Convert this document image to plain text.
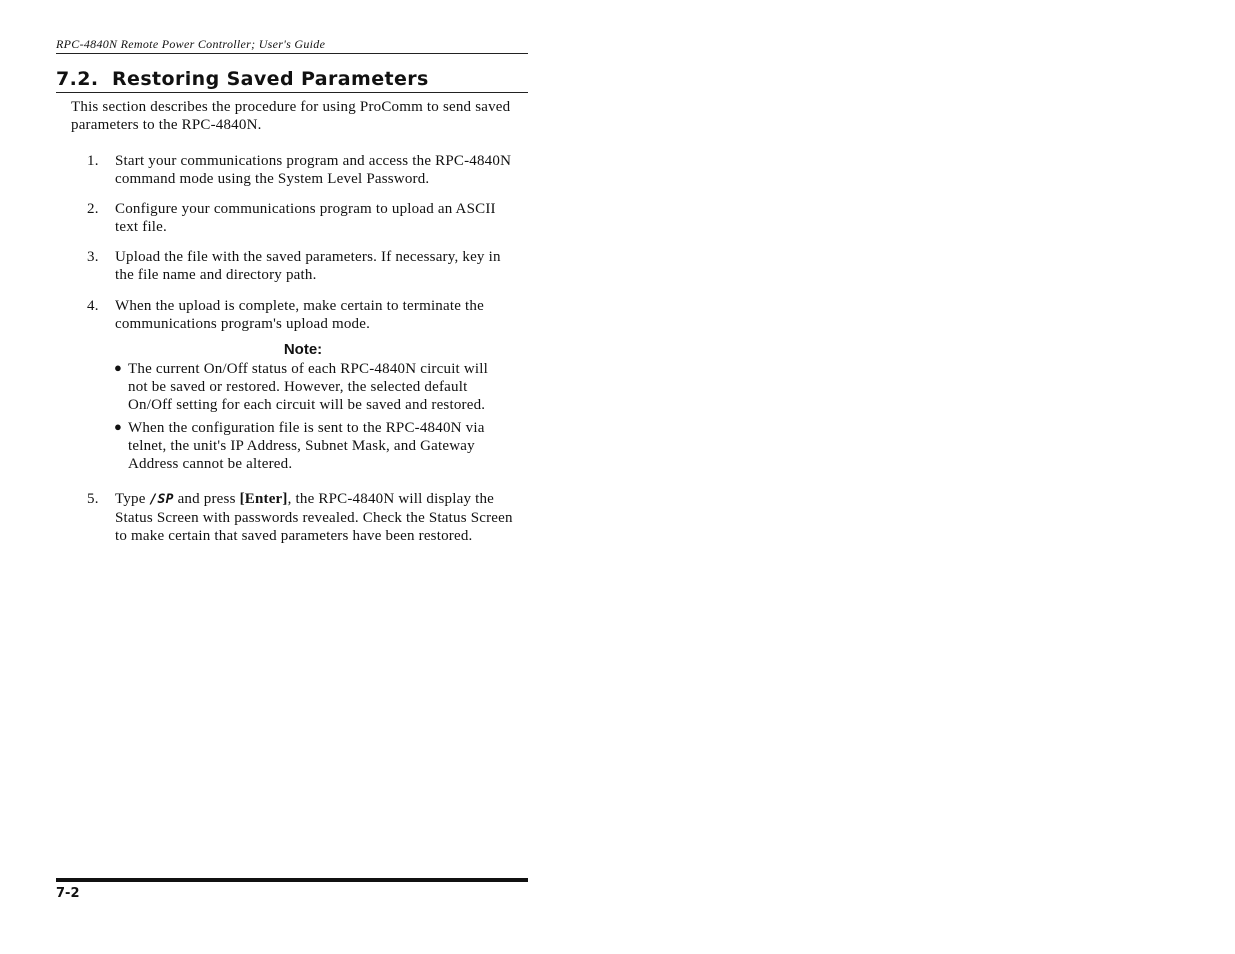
RPC-4840N Remote Power Controller; User's Guide
7.2. Restoring Saved Parameters
This section describes the procedure for using ProComm to send saved parameters to the RPC-4840N.
1.	Start your communications program and access the RPC-4840N command mode using the System Level Password.
2.	Configure your communications program to upload an ASCII text file.
3.	Upload the file with the saved parameters. If necessary, key in the file name and directory path.
4.	When the upload is complete, make certain to terminate the communications program's upload mode.
Note:
● The current On/Off status of each RPC-4840N circuit will not be saved or restored. However, the selected default On/Off setting for each circuit will be saved and restored.
● When the configuration file is sent to the RPC-4840N via telnet, the unit's IP Address, Subnet Mask, and Gateway Address cannot be altered.
5.	Type /SP and press [Enter], the RPC-4840N will display the Status Screen with passwords revealed. Check the Status Screen to make certain that saved parameters have been restored.
7-2
